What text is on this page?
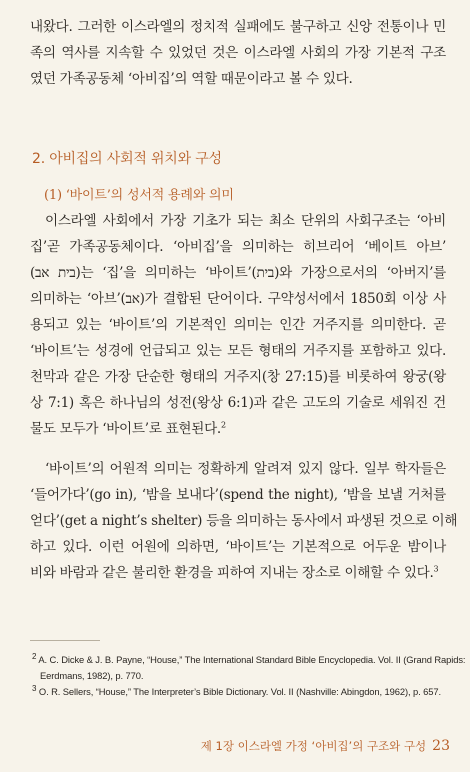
내왔다. 그러한 이스라엘의 정치적 실패에도 불구하고 신앙 전통이나 민
족의 역사를 지속할 수 있었던 것은 이스라엘 사회의 가장 기본적 구조
였던 가족공동체 ‘아비집’의 역할 때문이라고 볼 수 있다.
2. 아비집의 사회적 위치와 구성
(1) ‘바이트’의 성서적 용례와 의미
이스라엘 사회에서 가장 기초가 되는 최소 단위의 사회구조는 ‘아비
집’곧 가족공동체이다. ‘아비집’을 의미하는 히브리어 ‘베이트 아브’
(בית אב)는 ‘집’을 의미하는 ‘바이트’(בית)와 가장으로서의 ‘아버지’를
의미하는 ‘아브’(אב)가 결합된 단어이다. 구약성서에서 1850회 이상 사
용되고 있는 ‘바이트’의 기본적인 의미는 인간 거주지를 의미한다. 곧
‘바이트’는 성경에 언급되고 있는 모든 형태의 거주지를 포함하고 있다.
천막과 같은 가장 단순한 형태의 거주지(창 27:15)를 비롯하여 왕궁(왕
상 7:1) 혹은 하나님의 성전(왕상 6:1)과 같은 고도의 기술로 세워진 건
물도 모두가 ‘바이트’로 표현된다.$^2$
‘바이트’의 어원적 의미는 정확하게 알려져 있지 않다. 일부 학자들은
‘들어가다’(go in), ‘밤을 보내다’(spend the night), ‘밤을 보낼 거처를
얻다’(get a night’s shelter) 등을 의미하는 동사에서 파생된 것으로 이해
하고 있다. 이런 어원에 의하면, ‘바이트’는 기본적으로 어두운 밤이나
비와 바람과 같은 불리한 환경을 피하여 지내는 장소로 이해할 수 있다.$^3$
$^2$ A. C. Dicke & J. B. Payne, “House,” The International Standard Bible Encyclopedia. Vol. II (Grand Rapids:
Eerdmans, 1982), p. 770.
$^3$ O. R. Sellers, “House,” The Interpreter’s Bible Dictionary. Vol. II (Nashville: Abingdon, 1962), p. 657.
제 1장 이스라엘 가정 ‘아비집’의 구조와 구성 23
